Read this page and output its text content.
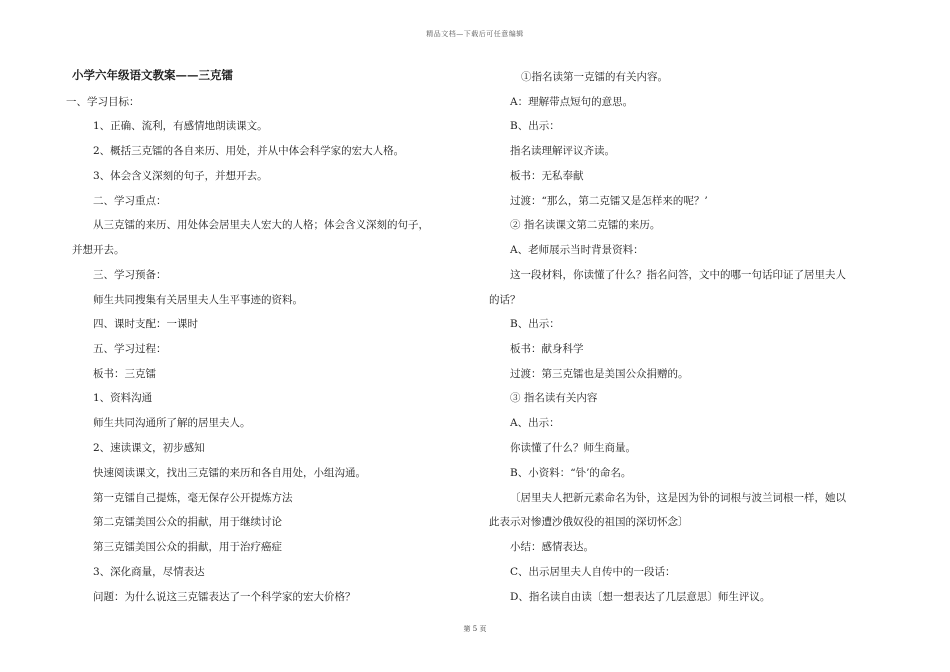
精品文档—下载后可任意编辑
小学六年级语文教案——三克镭
一、学习目标：
1、正确、流利，有感情地朗读课文。
2、概括三克镭的各自来历、用处，并从中体会科学家的宏大人格。
3、体会含义深刻的句子，并想开去。
二、学习重点：
从三克镭的来历、用处体会居里夫人宏大的人格；体会含义深刻的句子，
并想开去。
三、学习预备：
师生共同搜集有关居里夫人生平事迹的资料。
四、课时支配：一课时
五、学习过程：
板书：三克镭
1、资料沟通
师生共同沟通所了解的居里夫人。
2、速读课文，初步感知
快速阅读课文，找出三克镭的来历和各自用处，小组沟通。
第一克镭自己提炼，毫无保存公开提炼方法
第二克镭美国公众的捐献，用于继续讨论
第三克镭美国公众的捐献，用于治疗癌症
3、深化商量，尽情表达
问题：为什么说这三克镭表达了一个科学家的宏大价格？
①指名读第一克镭的有关内容。
A：理解带点短句的意思。
B、出示：
指名读理解评议齐读。
板书：无私奉献
过渡：“那么，第二克镭又是怎样来的呢？’
② 指名读课文第二克镭的来历。
A、老师展示当时背景资料：
这一段材料，你读懂了什么？指名问答，文中的哪一句话印证了居里夫人
的话？
B、出示：
板书：献身科学
过渡：第三克镭也是美国公众捐赠的。
③ 指名读有关内容
A、出示：
你读懂了什么？师生商量。
B、小资料：“钋’的命名。
〔居里夫人把新元素命名为钋，这是因为钋的词根与波兰词根一样，她以
此表示对惨遭沙俄奴役的祖国的深切怀念〕
小结：感情表达。
C、出示居里夫人自传中的一段话：
D、指名读自由读〔想一想表达了几层意思〕师生评议。
第 5 页
